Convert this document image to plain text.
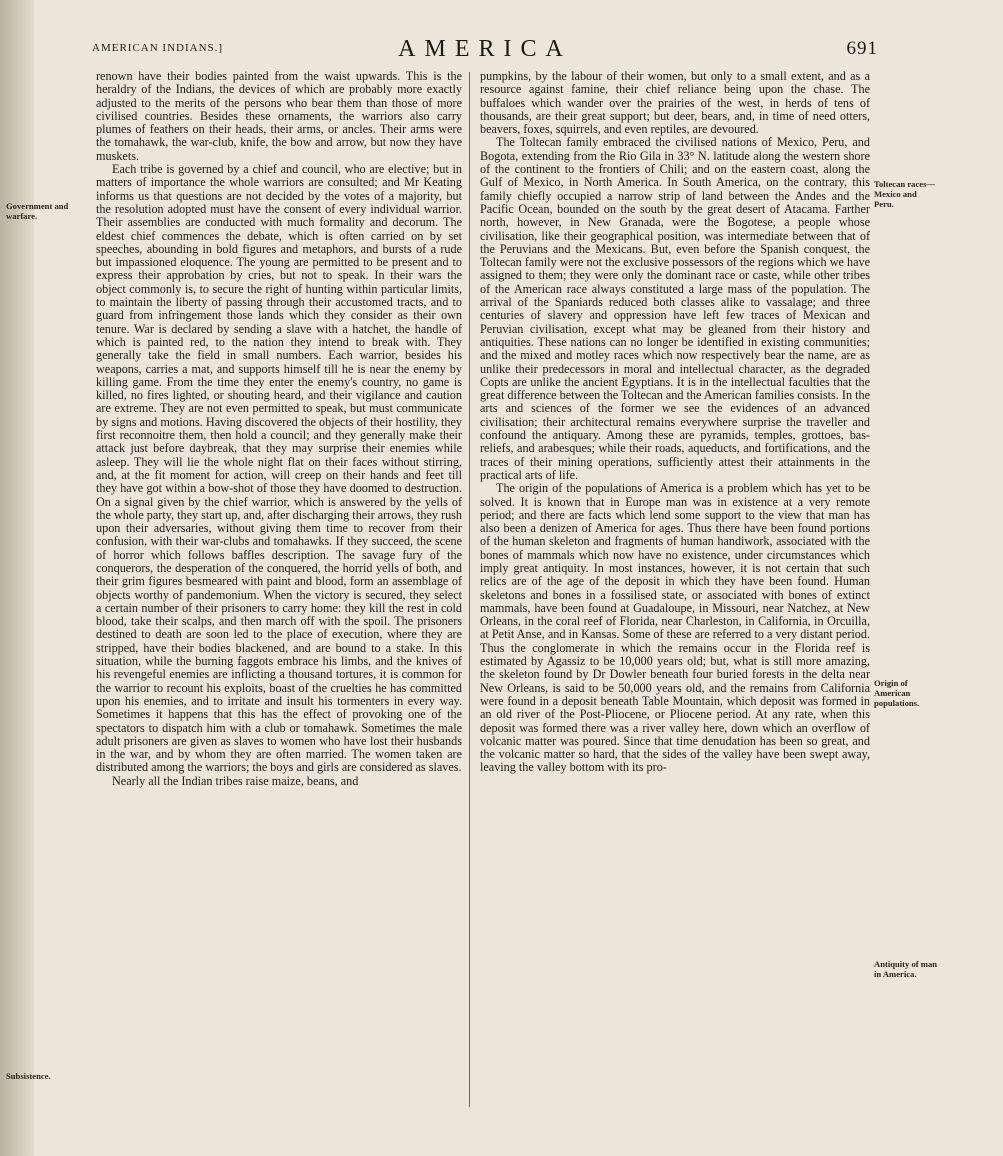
AMERICAN INDIANS.]	AMERICA	691
Government and warfare.
Subsistence.

renown have their bodies painted from the waist upwards. This is the heraldry of the Indians, the devices of which are probably more exactly adjusted to the merits of the persons who bear them than those of more civilised countries. Besides these ornaments, the warriors also carry plumes of feathers on their heads, their arms, or ancles. Their arms were the tomahawk, the war-club, knife, the bow and arrow, but now they have muskets.

Each tribe is governed by a chief and council, who are elective; but in matters of importance the whole warriors are consulted; and Mr Keating informs us that questions are not decided by the votes of a majority, but the resolution adopted must have the consent of every individual warrior. Their assemblies are conducted with much formality and decorum. The eldest chief commences the debate, which is often carried on by set speeches, abounding in bold figures and metaphors, and bursts of a rude but impassioned eloquence. The young are permitted to be present and to express their approbation by cries, but not to speak. In their wars the object commonly is, to secure the right of hunting within particular limits, to maintain the liberty of passing through their accustomed tracts, and to guard from infringement those lands which they consider as their own tenure. War is declared by sending a slave with a hatchet, the handle of which is painted red, to the nation they intend to break with. They generally take the field in small numbers. Each warrior, besides his weapons, carries a mat, and supports himself till he is near the enemy by killing game. From the time they enter the enemy's country, no game is killed, no fires lighted, or shouting heard, and their vigilance and caution are extreme. They are not even permitted to speak, but must communicate by signs and motions. Having discovered the objects of their hostility, they first reconnoitre them, then hold a council; and they generally make their attack just before daybreak, that they may surprise their enemies while asleep. They will lie the whole night flat on their faces without stirring, and, at the fit moment for action, will creep on their hands and feet till they have got within a bow-shot of those they have doomed to destruction. On a signal given by the chief warrior, which is answered by the yells of the whole party, they start up, and, after discharging their arrows, they rush upon their adversaries, without giving them time to recover from their confusion, with their war-clubs and tomahawks. If they succeed, the scene of horror which follows baffles description. The savage fury of the conquerors, the desperation of the conquered, the horrid yells of both, and their grim figures besmeared with paint and blood, form an assemblage of objects worthy of pandemonium. When the victory is secured, they select a certain number of their prisoners to carry home: they kill the rest in cold blood, take their scalps, and then march off with the spoil. The prisoners destined to death are soon led to the place of execution, where they are stripped, have their bodies blackened, and are bound to a stake. In this situation, while the burning faggots embrace his limbs, and the knives of his revengeful enemies are inflicting a thousand tortures, it is common for the warrior to recount his exploits, boast of the cruelties he has committed upon his enemies, and to irritate and insult his tormenters in every way. Sometimes it happens that this has the effect of provoking one of the spectators to dispatch him with a club or tomahawk. Sometimes the male adult prisoners are given as slaves to women who have lost their husbands in the war, and by whom they are often married. The women taken are distributed among the warriors; the boys and girls are considered as slaves.

Nearly all the Indian tribes raise maize, beans, and

pumpkins, by the labour of their women, but only to a small extent, and as a resource against famine, their chief reliance being upon the chase. The buffaloes which wander over the prairies of the west, in herds of tens of thousands, are their great support; but deer, bears, and, in time of need otters, beavers, foxes, squirrels, and even reptiles, are devoured.

The Toltecan family embraced the civilised nations of Mexico, Peru, and Bogota, extending from the Rio Gila in 33° N. latitude along the western shore of the continent to the frontiers of Chili; and on the eastern coast, along the Gulf of Mexico, in North America. In South America, on the contrary, this family chiefly occupied a narrow strip of land between the Andes and the Pacific Ocean, bounded on the south by the great desert of Atacama. Farther north, however, in New Granada, were the Bogotese, a people whose civilisation, like their geographical position, was intermediate between that of the Peruvians and the Mexicans. But, even before the Spanish conquest, the Toltecan family were not the exclusive possessors of the regions which we have assigned to them; they were only the dominant race or caste, while other tribes of the American race always constituted a large mass of the population. The arrival of the Spaniards reduced both classes alike to vassalage; and three centuries of slavery and oppression have left few traces of Mexican and Peruvian civilisation, except what may be gleaned from their history and antiquities. These nations can no longer be identified in existing communities; and the mixed and motley races which now respectively bear the name, are as unlike their predecessors in moral and intellectual character, as the degraded Copts are unlike the ancient Egyptians. It is in the intellectual faculties that the great difference between the Toltecan and the American families consists. In the arts and sciences of the former we see the evidences of an advanced civilisation; their architectural remains everywhere surprise the traveller and confound the antiquary. Among these are pyramids, temples, grottoes, bas-reliefs, and arabesques; while their roads, aqueducts, and fortifications, and the traces of their mining operations, sufficiently attest their attainments in the practical arts of life.

The origin of the populations of America is a problem which has yet to be solved. It is known that in Europe man was in existence at a very remote period; and there are facts which lend some support to the view that man has also been a denizen of America for ages. Thus there have been found portions of the human skeleton and fragments of human handiwork, associated with the bones of mammals which now have no existence, under circumstances which imply great antiquity. In most instances, however, it is not certain that such relics are of the age of the deposit in which they have been found. Human skeletons and bones in a fossilised state, or associated with bones of extinct mammals, have been found at Guadaloupe, in Missouri, near Natchez, at New Orleans, in the coral reef of Florida, near Charleston, in California, in Orcuilla, at Petit Anse, and in Kansas. Some of these are referred to a very distant period. Thus the conglomerate in which the remains occur in the Florida reef is estimated by Agassiz to be 10,000 years old; but, what is still more amazing, the skeleton found by Dr Dowler beneath four buried forests in the delta near New Orleans, is said to be 50,000 years old, and the remains from California were found in a deposit beneath Table Mountain, which deposit was formed in an old river of the Post-Pliocene, or Pliocene period. At any rate, when this deposit was formed there was a river valley here, down which an overflow of volcanic matter was poured. Since that time denudation has been so great, and the volcanic matter so hard, that the sides of the valley have been swept away, leaving the valley bottom with its pro-

Toltecan races—Mexico and Peru.
Origin of American populations.
Antiquity of man in America.
